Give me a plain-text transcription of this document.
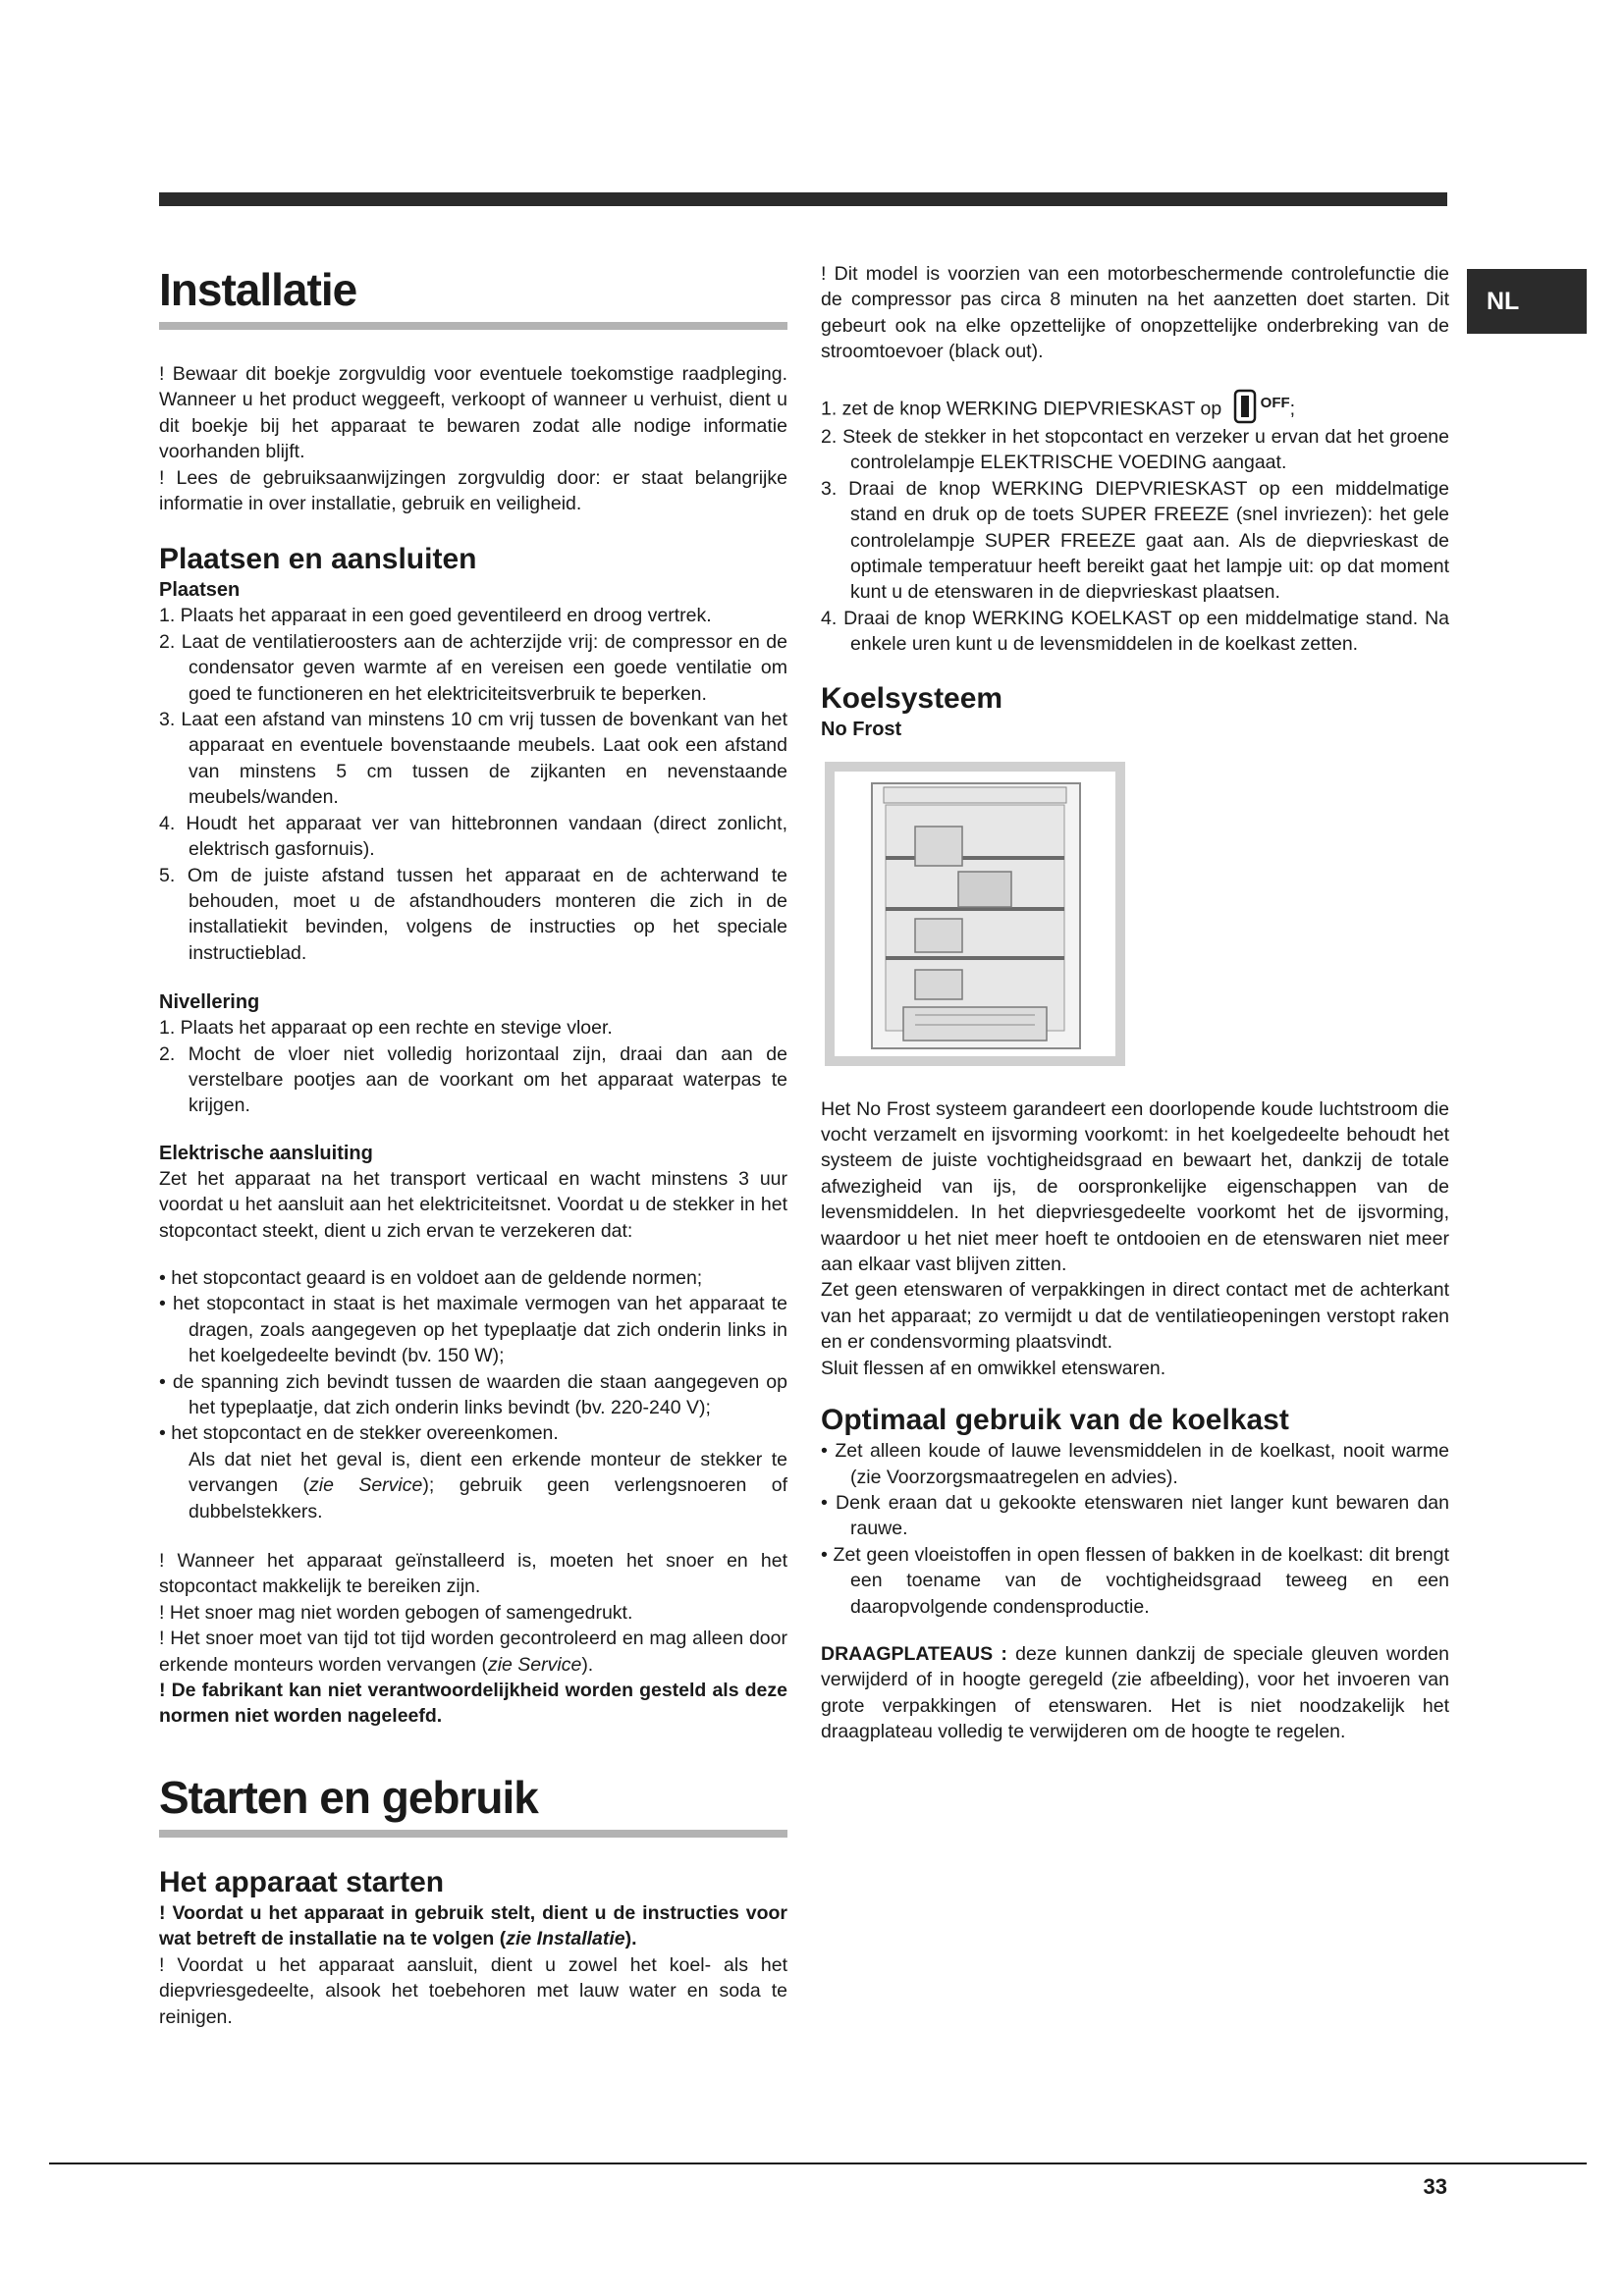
NL
Installatie

! Bewaar dit boekje zorgvuldig voor eventuele toekomstige raadpleging. Wanneer u het product weggeeft, verkoopt of wanneer u verhuist, dient u dit boekje bij het apparaat te bewaren zodat alle nodige informatie voorhanden blijft.

! Lees de gebruiksaanwijzingen zorgvuldig door: er staat belangrijke informatie in over installatie, gebruik en veiligheid.

Plaatsen en aansluiten
Plaatsen
1. Plaats het apparaat in een goed geventileerd en droog vertrek.
2. Laat de ventilatieroosters aan de achterzijde vrij: de compressor en de condensator geven warmte af en vereisen een goede ventilatie om goed te functioneren en het elektriciteitsverbruik te beperken.
3. Laat een afstand van minstens 10 cm vrij tussen de bovenkant van het apparaat en eventuele bovenstaande meubels. Laat ook een afstand van minstens 5 cm tussen de zijkanten en nevenstaande meubels/wanden.
4. Houdt het apparaat ver van hittebronnen vandaan (direct zonlicht, elektrisch gasfornuis).
5. Om de juiste afstand tussen het apparaat en de achterwand te behouden, moet u de afstandhouders monteren die zich in de installatiekit bevinden, volgens de instructies op het speciale instructieblad.
Nivellering
1. Plaats het apparaat op een rechte en stevige vloer.
2. Mocht de vloer niet volledig horizontaal zijn, draai dan aan de verstelbare pootjes aan de voorkant om het apparaat waterpas te krijgen.
Elektrische aansluiting

Zet het apparaat na het transport verticaal en wacht minstens 3 uur voordat u het aansluit aan het elektriciteitsnet. Voordat u de stekker in het stopcontact steekt, dient u zich ervan te verzekeren dat:

• het stopcontact geaard is en voldoet aan de geldende normen;
• het stopcontact in staat is het maximale vermogen van het apparaat te dragen, zoals aangegeven op het typeplaatje dat zich onderin links in het koelgedeelte bevindt (bv. 150 W);
• de spanning zich bevindt tussen de waarden die staan aangegeven op het typeplaatje, dat zich onderin links bevindt (bv. 220-240 V);
• het stopcontact en de stekker overeenkomen.
Als dat niet het geval is, dient een erkende monteur de stekker te vervangen (zie Service); gebruik geen verlengsnoeren of dubbelstekkers.

! Wanneer het apparaat geïnstalleerd is, moeten het snoer en het stopcontact makkelijk te bereiken zijn.

! Het snoer mag niet worden gebogen of samengedrukt.

! Het snoer moet van tijd tot tijd worden gecontroleerd en mag alleen door erkende monteurs worden vervangen (zie Service).

! De fabrikant kan niet verantwoordelijkheid worden gesteld als deze normen niet worden nageleefd.

Starten en gebruik
Het apparaat starten

! Voordat u het apparaat in gebruik stelt, dient u de instructies voor wat betreft de installatie na te volgen (zie Installatie).

! Voordat u het apparaat aansluit, dient u zowel het koel- als het diepvriesgedeelte, alsook het toebehoren met lauw water en soda te reinigen.

! Dit model is voorzien van een motorbeschermende controlefunctie die de compressor pas circa 8 minuten na het aanzetten doet starten. Dit gebeurt ook na elke opzettelijke of onopzettelijke onderbreking van de stroomtoevoer (black out).

1. zet de knop WERKING DIEPVRIESKAST op	$^{OFF}$;
2. Steek de stekker in het stopcontact en verzeker u ervan dat het groene controlelampje ELEKTRISCHE VOEDING aangaat.
3. Draai de knop WERKING DIEPVRIESKAST op een middelmatige stand en druk op de toets SUPER FREEZE (snel invriezen): het gele controlelampje SUPER FREEZE gaat aan. Als de diepvrieskast de optimale temperatuur heeft bereikt gaat het lampje uit: op dat moment kunt u de etenswaren in de diepvrieskast plaatsen.
4. Draai de knop WERKING KOELKAST op een middelmatige stand. Na enkele uren kunt u de levensmiddelen in de koelkast zetten.
Koelsysteem
No Frost

Het No Frost systeem garandeert een doorlopende koude luchtstroom die vocht verzamelt en ijsvorming voorkomt: in het koelgedeelte behoudt het systeem de juiste vochtigheidsgraad en bewaart het, dankzij de totale afwezigheid van ijs, de oorspronkelijke eigenschappen van de levensmiddelen. In het diepvriesgedeelte voorkomt het de ijsvorming, waardoor u het niet meer hoeft te ontdooien en de etenswaren niet meer aan elkaar vast blijven zitten.

Zet geen etenswaren of verpakkingen in direct contact met de achterkant van het apparaat; zo vermijdt u dat de ventilatieopeningen verstopt raken en er condensvorming plaatsvindt.

Sluit flessen af en omwikkel etenswaren.

Optimaal gebruik van de koelkast
• Zet alleen koude of lauwe levensmiddelen in de koelkast, nooit warme (zie Voorzorgsmaatregelen en advies).
• Denk eraan dat u gekookte etenswaren niet langer kunt bewaren dan rauwe.
• Zet geen vloeistoffen in open flessen of bakken in de koelkast: dit brengt een toename van de vochtigheidsgraad teweeg en een daaropvolgende condensproductie.

DRAAGPLATEAUS : deze kunnen dankzij de speciale gleuven worden verwijderd of in hoogte geregeld (zie afbeelding), voor het invoeren van grote verpakkingen of etenswaren. Het is niet noodzakelijk het draagplateau volledig te verwijderen om de hoogte te regelen.

33
